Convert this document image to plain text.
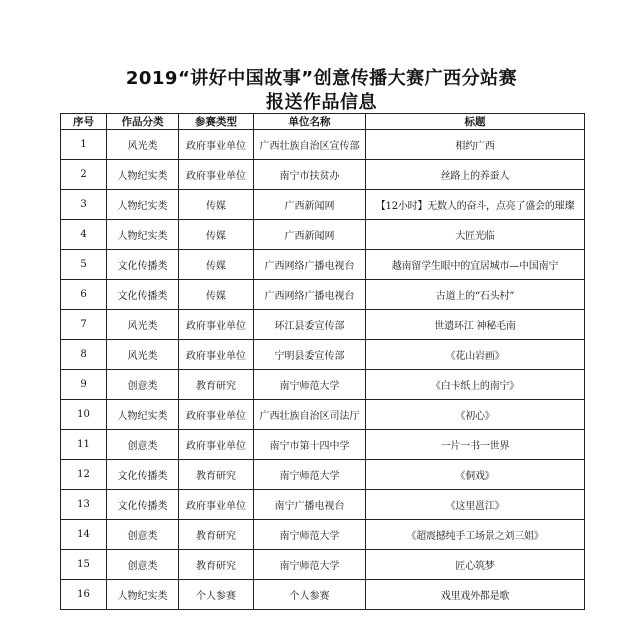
2019“讲好中国故事”创意传播大赛广西分站赛
报送作品信息
序号	作品分类	参赛类型	单位名称	标题
1	风光类	政府事业单位	广西壮族自治区宣传部	相约广西
2	人物纪实类	政府事业单位	南宁市扶贫办	丝路上的养蚕人
3	人物纪实类	传媒	广西新闻网	【12小时】无数人的奋斗，点亮了盛会的璀璨
4	人物纪实类	传媒	广西新闻网	大匠光临
5	文化传播类	传媒	广西网络广播电视台	越南留学生眼中的宜居城市—中国南宁
6	文化传播类	传媒	广西网络广播电视台	古道上的“石头村”
7	风光类	政府事业单位	环江县委宣传部	世遗环江 神秘毛南
8	风光类	政府事业单位	宁明县委宣传部	《花山岩画》
9	创意类	教育研究	南宁师范大学	《白卡纸上的南宁》
10	人物纪实类	政府事业单位	广西壮族自治区司法厅	《初心》
11	创意类	政府事业单位	南宁市第十四中学	一片一书一世界
12	文化传播类	教育研究	南宁师范大学	《侗戏》
13	文化传播类	政府事业单位	南宁广播电视台	《这里邕江》
14	创意类	教育研究	南宁师范大学	《超震撼纯手工场景之刘三姐》
15	创意类	教育研究	南宁师范大学	匠心筑梦
16	人物纪实类	个人参赛	个人参赛	戏里戏外都是歌
